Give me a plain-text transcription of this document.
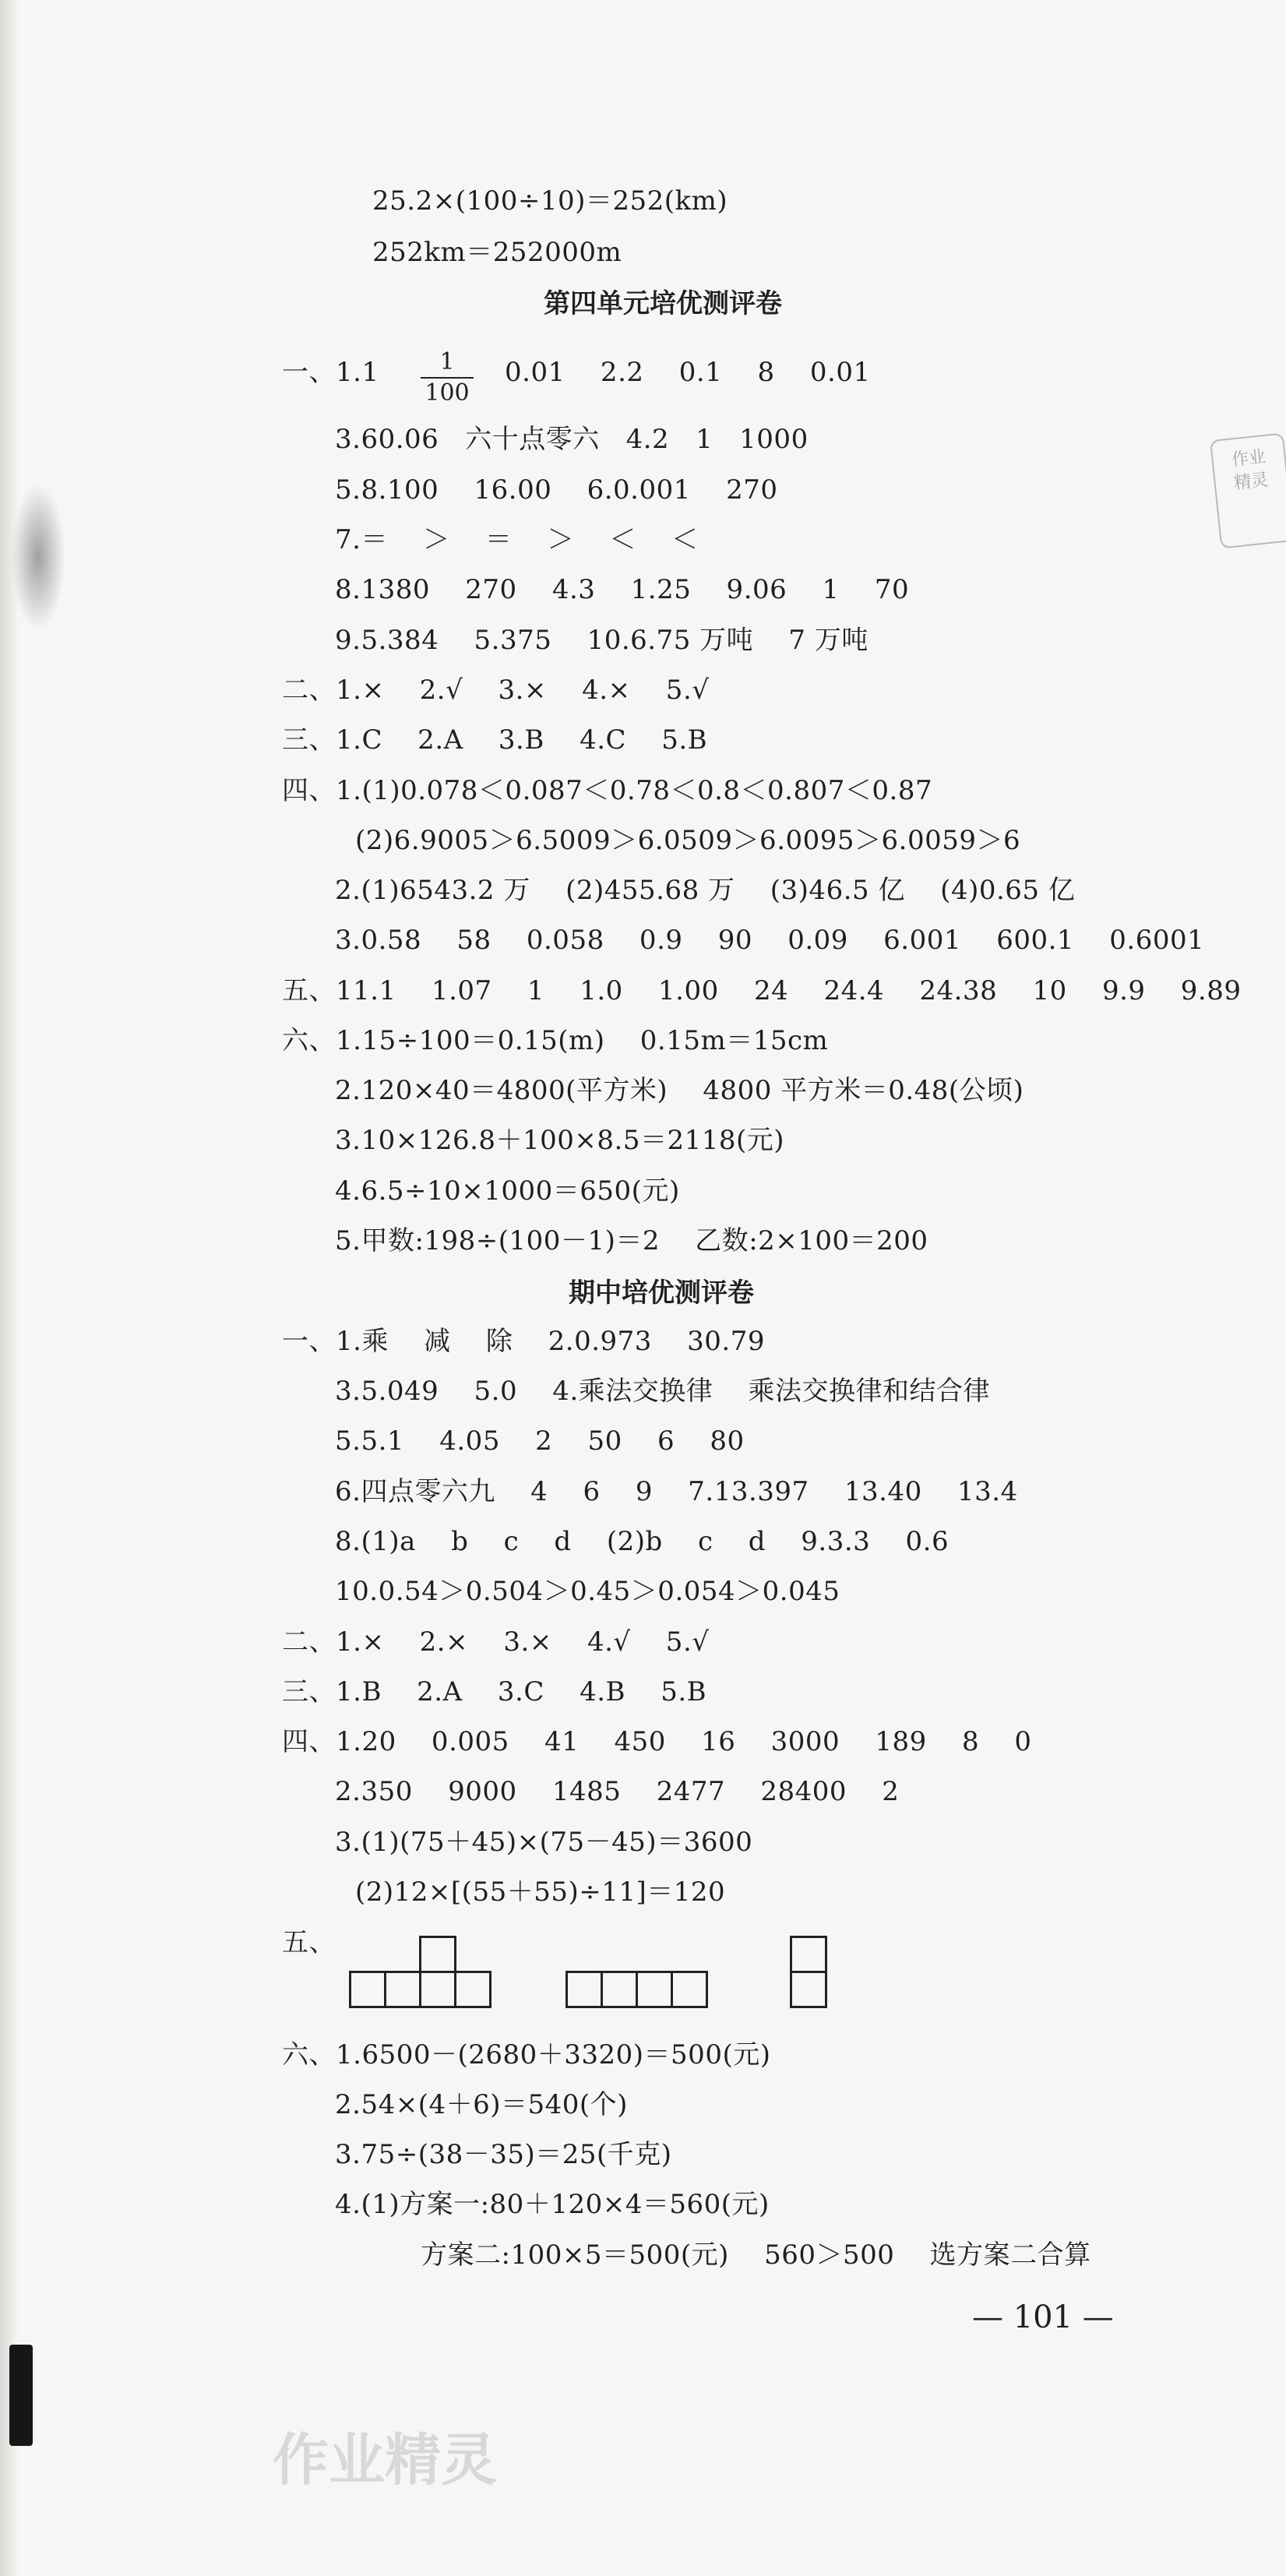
作业
精灵
25.2×(100÷10)＝252(km)
252km＝252000m
第四单元培优测评卷
一、1.1	1
100
0.01    2.2    0.1    8    0.01
3.60.06   六十点零六   4.2   1   1000
5.8.100    16.00    6.0.001    270
7.＝    ＞    ＝    ＞    ＜    ＜
8.1380    270    4.3    1.25    9.06    1    70
9.5.384    5.375    10.6.75 万吨    7 万吨
二、1.×    2.√    3.×    4.×    5.√
三、1.C    2.A    3.B    4.C    5.B
四、1.(1)0.078＜0.087＜0.78＜0.8＜0.807＜0.87
(2)6.9005＞6.5009＞6.0509＞6.0095＞6.0059＞6
2.(1)6543.2 万    (2)455.68 万    (3)46.5 亿    (4)0.65 亿
3.0.58    58    0.058    0.9    90    0.09    6.001    600.1    0.6001
五、11.1    1.07    1    1.0    1.00    24    24.4    24.38    10    9.9    9.89
六、1.15÷100＝0.15(m)    0.15m＝15cm
2.120×40＝4800(平方米)    4800 平方米＝0.48(公顷)
3.10×126.8＋100×8.5＝2118(元)
4.6.5÷10×1000＝650(元)
5.甲数:198÷(100－1)＝2    乙数:2×100＝200
期中培优测评卷
一、1.乘    减    除    2.0.973    30.79
3.5.049    5.0    4.乘法交换律    乘法交换律和结合律
5.5.1    4.05    2    50    6    80
6.四点零六九    4    6    9    7.13.397    13.40    13.4
8.(1)a    b    c    d    (2)b    c    d    9.3.3    0.6
10.0.54＞0.504＞0.45＞0.054＞0.045
二、1.×    2.×    3.×    4.√    5.√
三、1.B    2.A    3.C    4.B    5.B
四、1.20    0.005    41    450    16    3000    189    8    0
2.350    9000    1485    2477    28400    2
3.(1)(75＋45)×(75－45)＝3600
(2)12×[(55＋55)÷11]＝120
五、
六、1.6500－(2680＋3320)＝500(元)
2.54×(4＋6)＝540(个)
3.75÷(38－35)＝25(千克)
4.(1)方案一:80＋120×4＝560(元)
方案二:100×5＝500(元)    560＞500    选方案二合算
— 101 —
作业精灵
